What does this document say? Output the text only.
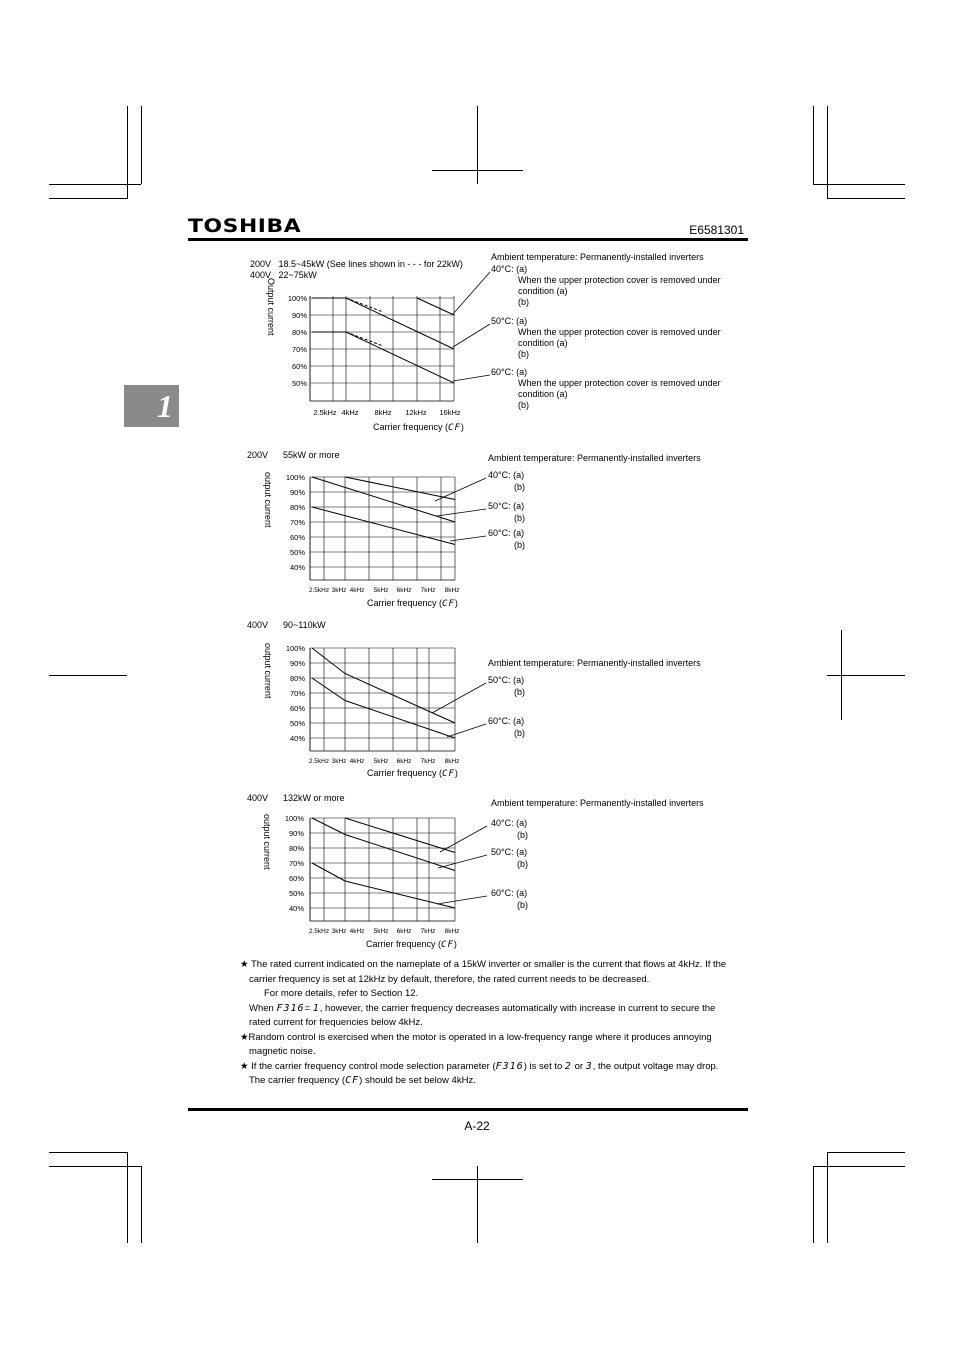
TOSHIBA	E6581301
1
200V   18.5~45kW (See lines shown in - - - for 22kW)
400V   22~75kW
Output current 100%
90%
80%
70%
60%
50%
2.5kHz 4kHz 8kHz 12kHz 16kHz
Carrier frequency (CF)
Ambient temperature: Permanently-installed inverters
40°C: (a)
When the upper protection cover is removed under
condition (a)
(b)
50°C: (a)
When the upper protection cover is removed under
condition (a)
(b)
60°C: (a)
When the upper protection cover is removed under
condition (a)
(b)
200V      55kW or more
output current 100%
90%
80%
70%
60%
50%
40%
2.5kHz 3kHz 4kHz 5kHz 6kHz 7kHz 8kHz
Carrier frequency (CF)
Ambient temperature: Permanently-installed inverters
40°C: (a)
(b)
50°C: (a)
(b)
60°C: (a)
(b)
400V      90~110kW
output current 100%
90%
80%
70%
60%
50%
40%
2.5kHz 3kHz 4kHz 5kHz 6kHz 7kHz 8kHz
Carrier frequency (CF)
Ambient temperature: Permanently-installed inverters
50°C: (a)
(b)
60°C: (a)
(b)
400V      132kW or more
output current 100%
90%
80%
70%
60%
50%
40%
2.5kHz 3kHz 4kHz 5kHz 6kHz 7kHz 8kHz
Carrier frequency (CF)
Ambient temperature: Permanently-installed inverters
40°C: (a)
(b)
50°C: (a)
(b)
60°C: (a)
(b)

★ The rated current indicated on the nameplate of a 15kW inverter or smaller is the current that flows at 4kHz. If the

carrier frequency is set at 12kHz by default, therefore, the rated current needs to be decreased.

For more details, refer to Section 12.

When F316= 1, however, the carrier frequency decreases automatically with increase in current to secure the

rated current for frequencies below 4kHz.

★Random control is exercised when the motor is operated in a low-frequency range where it produces annoying

magnetic noise.

★ If the carrier frequency control mode selection parameter (F316) is set to 2 or 3, the output voltage may drop.

The carrier frequency (CF) should be set below 4kHz.

A-22
